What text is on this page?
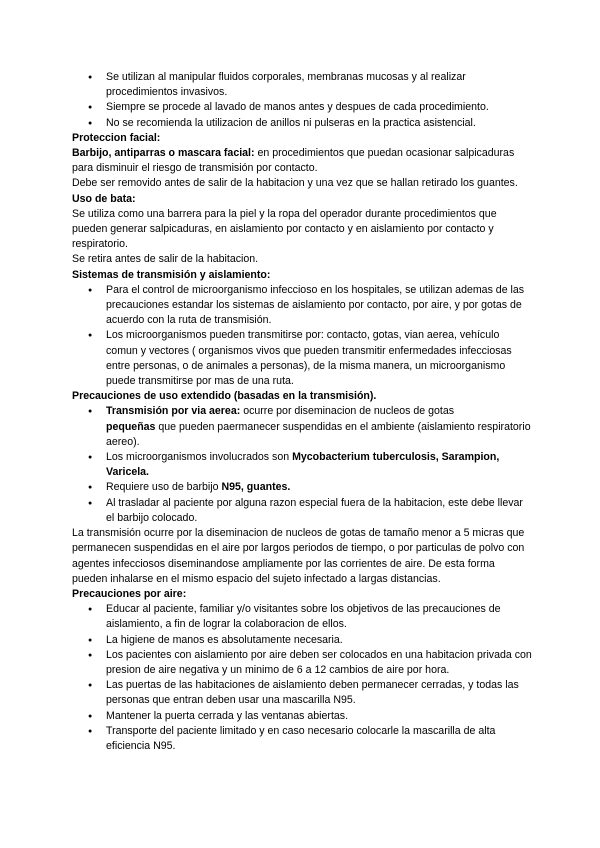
● Se utilizan al manipular fluidos corporales, membranas mucosas y al realizar procedimientos invasivos.
● Siempre se procede al lavado de manos antes y despues de cada procedimiento.
● No se recomienda la utilizacion de anillos ni pulseras en la practica asistencial.

Proteccion facial:

Barbijo, antiparras o mascara facial: en procedimientos que puedan ocasionar salpicaduras para disminuir el riesgo de transmisión por contacto.

Debe ser removido antes de salir de la habitacion y una vez que se hallan retirado los guantes.

Uso de bata:

Se utiliza como una barrera para la piel y la ropa del operador durante procedimientos que pueden generar salpicaduras, en aislamiento por contacto y en aislamiento por contacto y respiratorio.

Se retira antes de salir de la habitacion.

Sistemas de transmisión y aislamiento:

● Para el control de microorganismo infeccioso en los hospitales, se utilizan ademas de las precauciones estandar los sistemas de aislamiento por contacto, por aire, y por gotas de acuerdo con la ruta de transmisión.
● Los microorganismos pueden transmitirse por: contacto, gotas, vian aerea, vehículo comun y vectores ( organismos vivos que pueden transmitir enfermedades infecciosas entre personas, o de animales a personas), de la misma manera, un microorganismo puede transmitirse por mas de una ruta.

Precauciones de uso extendido (basadas en la transmisión).

● Transmisión por via aerea: ocurre por diseminacion de nucleos de gotas
pequeñas que pueden paermanecer suspendidas en el ambiente (aislamiento respiratorio aereo).
● Los microorganismos involucrados son Mycobacterium tuberculosis, Sarampion, Varicela.
● Requiere uso de barbijo N95, guantes.
● Al trasladar al paciente por alguna razon especial fuera de la habitacion, este debe llevar el barbijo colocado.

La transmisión ocurre por la diseminacion de nucleos de gotas de tamaño menor a 5 micras que permanecen suspendidas en el aire por largos periodos de tiempo, o por particulas de polvo con agentes infecciosos diseminandose ampliamente por las corrientes de aire. De esta forma pueden inhalarse en el mismo espacio del sujeto infectado a largas distancias.

Precauciones por aire:

● Educar al paciente, familiar y/o visitantes sobre los objetivos de las precauciones de aislamiento, a fin de lograr la colaboracion de ellos.
● La higiene de manos es absolutamente necesaria.
● Los pacientes con aislamiento por aire deben ser colocados en una habitacion privada con presion de aire negativa y un minimo de 6 a 12 cambios de aire por hora.
● Las puertas de las habitaciones de aislamiento deben permanecer cerradas, y todas las personas que entran deben usar una mascarilla N95.
● Mantener la puerta cerrada y las ventanas abiertas.
● Transporte del paciente limitado y en caso necesario colocarle la mascarilla de alta eficiencia N95.
